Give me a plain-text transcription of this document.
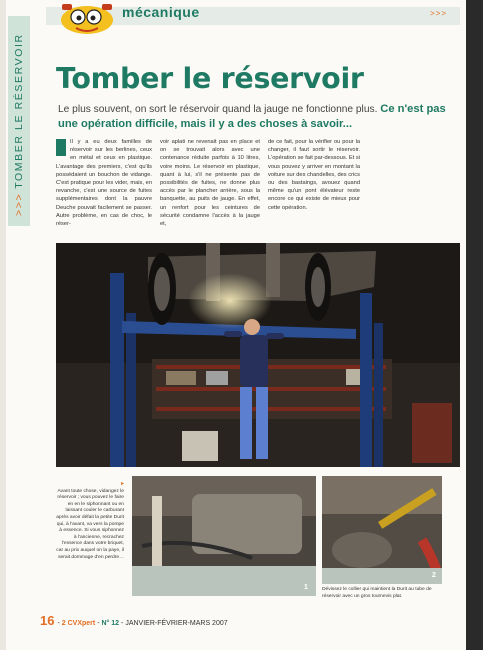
>>>TOMBER LE RÉSERVOIR
mécanique	>>>
Tomber le réservoir

Le plus souvent, on sort le réservoir quand la jauge ne fonctionne plus. Ce n'est pas une opération difficile, mais il y a des choses à savoir...

Il y a eu deux familles de réservoir sur les berlines, ceux en métal et ceux en plastique. L'avantage des premiers, c'est qu'ils possédaient un bouchon de vidange. C'est pratique pour les vider, mais, en revanche, c'est une source de fuites supplémentaires dont la pauvre Deuche pouvait facilement se passer. Autre problème, en cas de choc, le réser-
voir aplati ne revenait pas en place et on se trouvait alors avec une contenance réduite parfois à 10 litres, voire moins. Le réservoir en plastique, quant à lui, s'il ne présente pas de possibilités de fuites, ne donne plus accès par le plancher arrière, sous la banquette, au puits de jauge. En effet, un renfort pour les ceintures de sécurité condamne l'accès à la jauge et,
de ce fait, pour la vérifier ou pour la changer, il faut sortir le réservoir. L'opération se fait par-dessous. Et si vous pouvez y arriver en montant la voiture sur des chandelles, des crics ou des bastaings, avouez quand même qu'un pont élévateur reste encore ce qui existe de mieux pour cette opération.
▸
Avant toute chose, vidangez le réservoir ; vous pouvez le faire en en le siphonnant ou en laissant couler le carburant après avoir défait la petite Durit qui, à l'avant, va vers la pompe à essence. Si vous siphonnez à l'ancienne, recrachez l'essence dans votre briquet, car au prix auquel on la paye, il serait dommage d'en perdre…
1
2
Dévissez le collier qui maintient la Durit au tube de réservoir avec un gros tournevis plat.
16 - 2 CVXpert - N° 12 - JANVIER-FÉVRIER-MARS 2007
